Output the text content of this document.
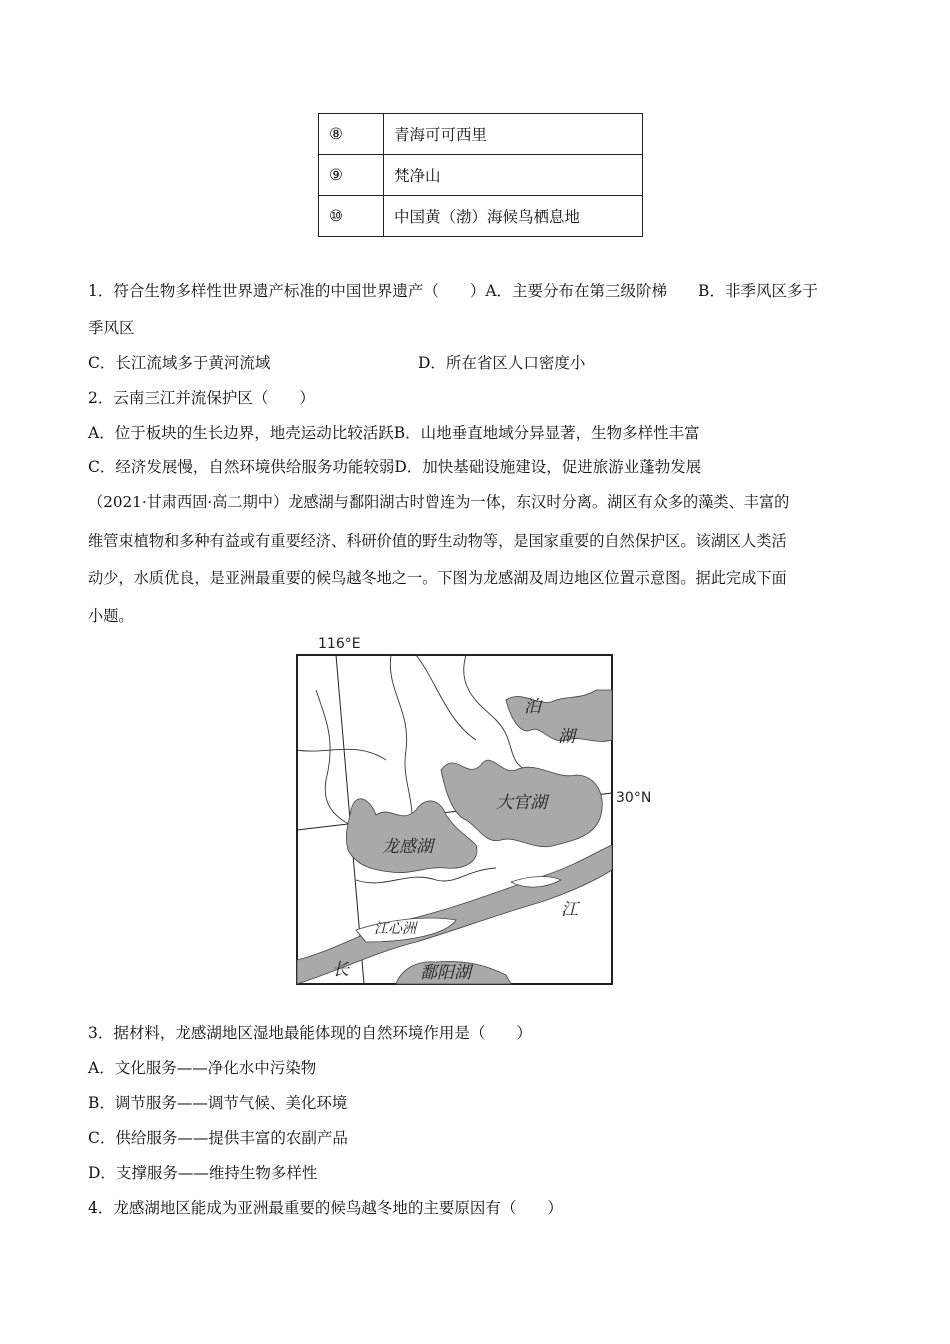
⑧	青海可可西里
⑨	梵净山
⑩	中国黄（渤）海候鸟栖息地
1．符合生物多样性世界遗产标准的中国世界遗产（　　）A．主要分布在第三级阶梯　　B．非季风区多于
季风区
C．长江流域多于黄河流域	D．所在省区人口密度小
2．云南三江并流保护区（　　）
A．位于板块的生长边界，地壳运动比较活跃B．山地垂直地域分异显著，生物多样性丰富
C．经济发展慢，自然环境供给服务功能较弱D．加快基础设施建设，促进旅游业蓬勃发展
（2021·甘肃西固·高二期中）龙感湖与鄱阳湖古时曾连为一体，东汉时分离。湖区有众多的藻类、丰富的
维管束植物和多种有益或有重要经济、科研价值的野生动物等，是国家重要的自然保护区。该湖区人类活
动少，水质优良，是亚洲最重要的候鸟越冬地之一。下图为龙感湖及周边地区位置示意图。据此完成下面
小题。
116°E
30°N
泊
湖
大官湖
龙感湖
江心洲
江
长	鄱阳湖
3．据材料，龙感湖地区湿地最能体现的自然环境作用是（　　）
A．文化服务——净化水中污染物
B．调节服务——调节气候、美化环境
C．供给服务——提供丰富的农副产品
D．支撑服务——维持生物多样性
4．龙感湖地区能成为亚洲最重要的候鸟越冬地的主要原因有（　　）
